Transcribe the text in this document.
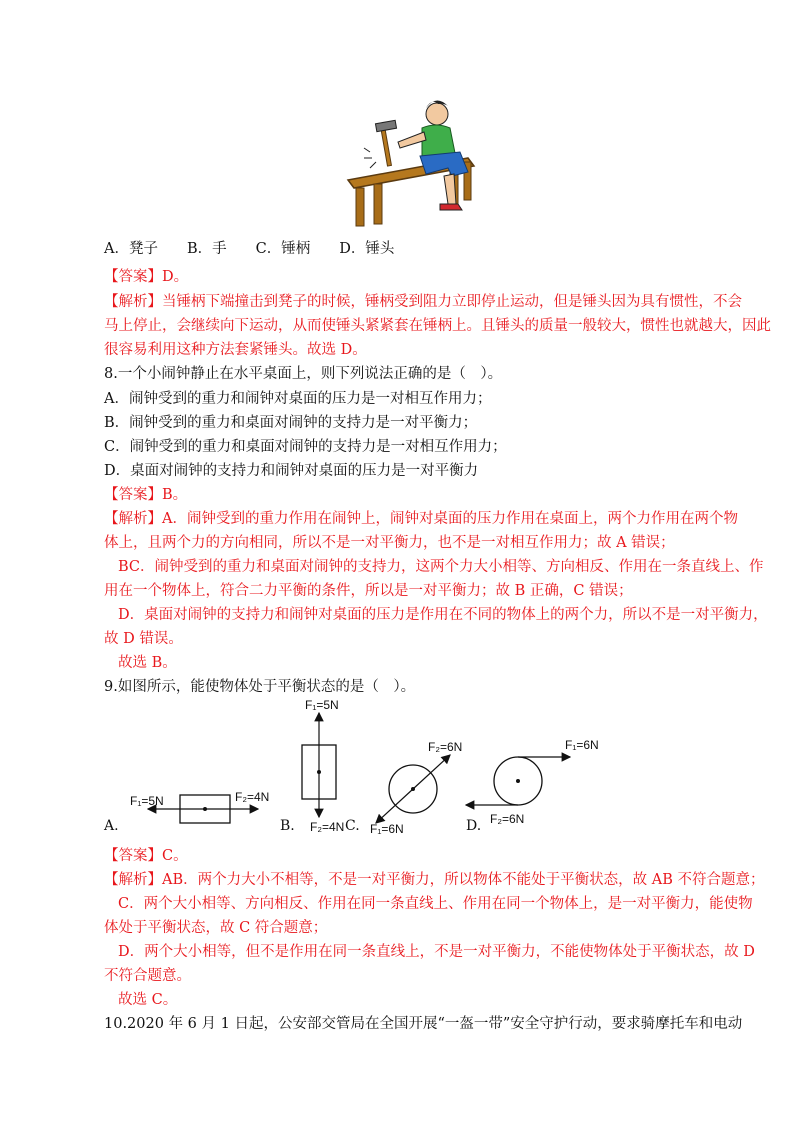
A．凳子　　B．手　　C．锤柄　　D．锤头
【答案】D。
【解析】当锤柄下端撞击到凳子的时候，锤柄受到阻力立即停止运动，但是锤头因为具有惯性，不会
马上停止，会继续向下运动，从而使锤头紧紧套在锤柄上。且锤头的质量一般较大，惯性也就越大，因此
很容易利用这种方法套紧锤头。故选 D。
8.一个小闹钟静止在水平桌面上，则下列说法正确的是（　）。
A．闹钟受到的重力和闹钟对桌面的压力是一对相互作用力；
B．闹钟受到的重力和桌面对闹钟的支持力是一对平衡力；
C．闹钟受到的重力和桌面对闹钟的支持力是一对相互作用力；
D．桌面对闹钟的支持力和闹钟对桌面的压力是一对平衡力
【答案】B。
【解析】A．闹钟受到的重力作用在闹钟上，闹钟对桌面的压力作用在桌面上，两个力作用在两个物
体上，且两个力的方向相同，所以不是一对平衡力，也不是一对相互作用力；故 A 错误；
BC．闹钟受到的重力和桌面对闹钟的支持力，这两个力大小相等、方向相反、作用在一条直线上、作
用在一个物体上，符合二力平衡的条件，所以是一对平衡力；故 B 正确，C 错误；
D．桌面对闹钟的支持力和闹钟对桌面的压力是作用在不同的物体上的两个力，所以不是一对平衡力，
故 D 错误。
故选 B。
9.如图所示，能使物体处于平衡状态的是（　）。
F₁=5N	F₂=4N
F₁=5N
F₂=4N
F₂=6N
F₁=6N
F₁=6N
F₂=6N
A.	B.	C.	D.
【答案】C。
【解析】AB．两个力大小不相等，不是一对平衡力，所以物体不能处于平衡状态，故 AB 不符合题意；
C．两个大小相等、方向相反、作用在同一条直线上、作用在同一个物体上，是一对平衡力，能使物
体处于平衡状态，故 C 符合题意；
D．两个大小相等，但不是作用在同一条直线上，不是一对平衡力，不能使物体处于平衡状态，故 D
不符合题意。
故选 C。
10.2020 年 6 月 1 日起，公安部交管局在全国开展“一盔一带”安全守护行动，要求骑摩托车和电动
